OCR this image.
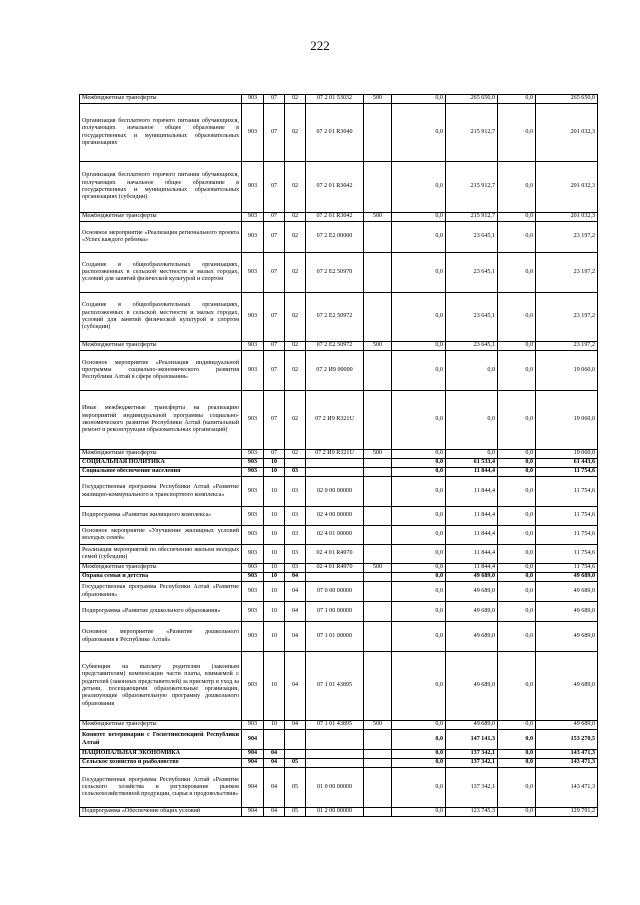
222
Межбюджетные трансферты	903	07	02	07 2 01 53032	500	0,0	265 650,0	0,0	265 650,0
Организация бесплатного горячего питания обучающихся, получающих начальное общее образование в государственных и муниципальных образовательных организациях	903	07	02	07 2 01 R3040		0,0	215 912,7	0,0	201 032,3
Организация бесплатного горячего питания обучающихся, получающих начальное общее образование в государственных и муниципальных образовательных организациях (субсидии)	903	07	02	07 2 01 R3042		0,0	215 912,7	0,0	201 032,3
Межбюджетные трансферты	903	07	02	07 2 01 R3042	500	0,0	215 912,7	0,0	201 032,3
Основное мероприятие «Реализация регионального проекта «Успех каждого ребенка»	903	07	02	07 2 E2 00000		0,0	23 645,1	0,0	23 197,2
Создание в общеобразовательных организациях, расположенных в сельской местности и малых городах, условий для занятий физической культурой и спортом	903	07	02	07 2 E2 50970		0,0	23 645,1	0,0	23 197,2
Создание в общеобразовательных организациях, расположенных в сельской местности и малых городах, условий для занятий физической культурой и спортом (субсидии)	903	07	02	07 2 E2 50972		0,0	23 645,1	0,0	23 197,2
Межбюджетные трансферты	903	07	02	07 2 E2 50972	500	0,0	23 645,1	0,0	23 197,2
Основное мероприятие «Реализация индивидуальной программы социально-экономического развития Республики Алтай в сфере образования»	903	07	02	07 2 И9 00000		0,0	0,0	0,0	19 060,0
Иные межбюджетные трансферты на реализацию мероприятий индивидуальной программы социально-экономического развития Республики Алтай (капитальный ремонт и реконструкция образовательных организаций)	903	07	02	07 2 И9 R321U		0,0	0,0	0,0	19 060,0
Межбюджетные трансферты	903	07	02	07 2 И9 R321U	500	0,0	0,0	0,0	19 060,0
СОЦИАЛЬНАЯ ПОЛИТИКА	903	10				0,0	61 533,4	0,0	61 443,6
Социальное обеспечение населения	903	10	03			0,0	11 844,4	0,0	11 754,6
Государственная программа Республики Алтай «Развитие жилищно-коммунального и транспортного комплекса»	903	10	03	02 0 00 00000		0,0	11 844,4	0,0	11 754,6
Подпрограмма «Развитие жилищного комплекса»	903	10	03	02 4 00 00000		0,0	11 844,4	0,0	11 754,6
Основное мероприятие «Улучшение жилищных условий молодых семей»	903	10	03	02 4 01 00000		0,0	11 844,4	0,0	11 754,6
Реализация мероприятий по обеспечению жильем молодых семей (субсидии)	903	10	03	02 4 01 R4970		0,0	11 844,4	0,0	11 754,6
Межбюджетные трансферты	903	10	03	02 4 01 R4970	500	0,0	11 844,4	0,0	11 754,6
Охрана семьи и детства	903	10	04			0,0	49 689,0	0,0	49 689,0
Государственная программа Республики Алтай «Развитие образования»	903	10	04	07 0 00 00000		0,0	49 689,0	0,0	49 689,0
Подпрограмма «Развитие дошкольного образования»	903	10	04	07 1 00 00000		0,0	49 689,0	0,0	49 689,0
Основное мероприятие «Развитие дошкольного образования в Республике Алтай»	903	10	04	07 1 01 00000		0,0	49 689,0	0,0	49 689,0
Субвенции на выплату родителям (законным представителям) компенсации части платы, взимаемой с родителей (законных представителей) за присмотр и уход за детьми, посещающими образовательные организации, реализующие образовательную программу дошкольного образования	903	10	04	07 1 01 43895		0,0	49 689,0	0,0	49 689,0
Межбюджетные трансферты	903	10	04	07 1 01 43895	500	0,0	49 689,0	0,0	49 689,0
Комитет ветеринарии с Госветинспекцией Республики Алтай	904					0,0	147 141,3	0,0	153 270,5
НАЦИОНАЛЬНАЯ ЭКОНОМИКА	904	04				0,0	137 342,1	0,0	143 471,3
Сельское хозяйство и рыболовство	904	04	05			0,0	137 342,1	0,0	143 471,3
Государственная программа Республики Алтай «Развитие сельского хозяйства и регулирование рынков сельскохозяйственной продукции, сырья и продовольствия»	904	04	05	01 0 00 00000		0,0	137 342,1	0,0	143 471,3
Подпрограмма «Обеспечение общих условий	904	04	05	01 2 00 00000		0,0	123 745,3	0,0	129 791,2
